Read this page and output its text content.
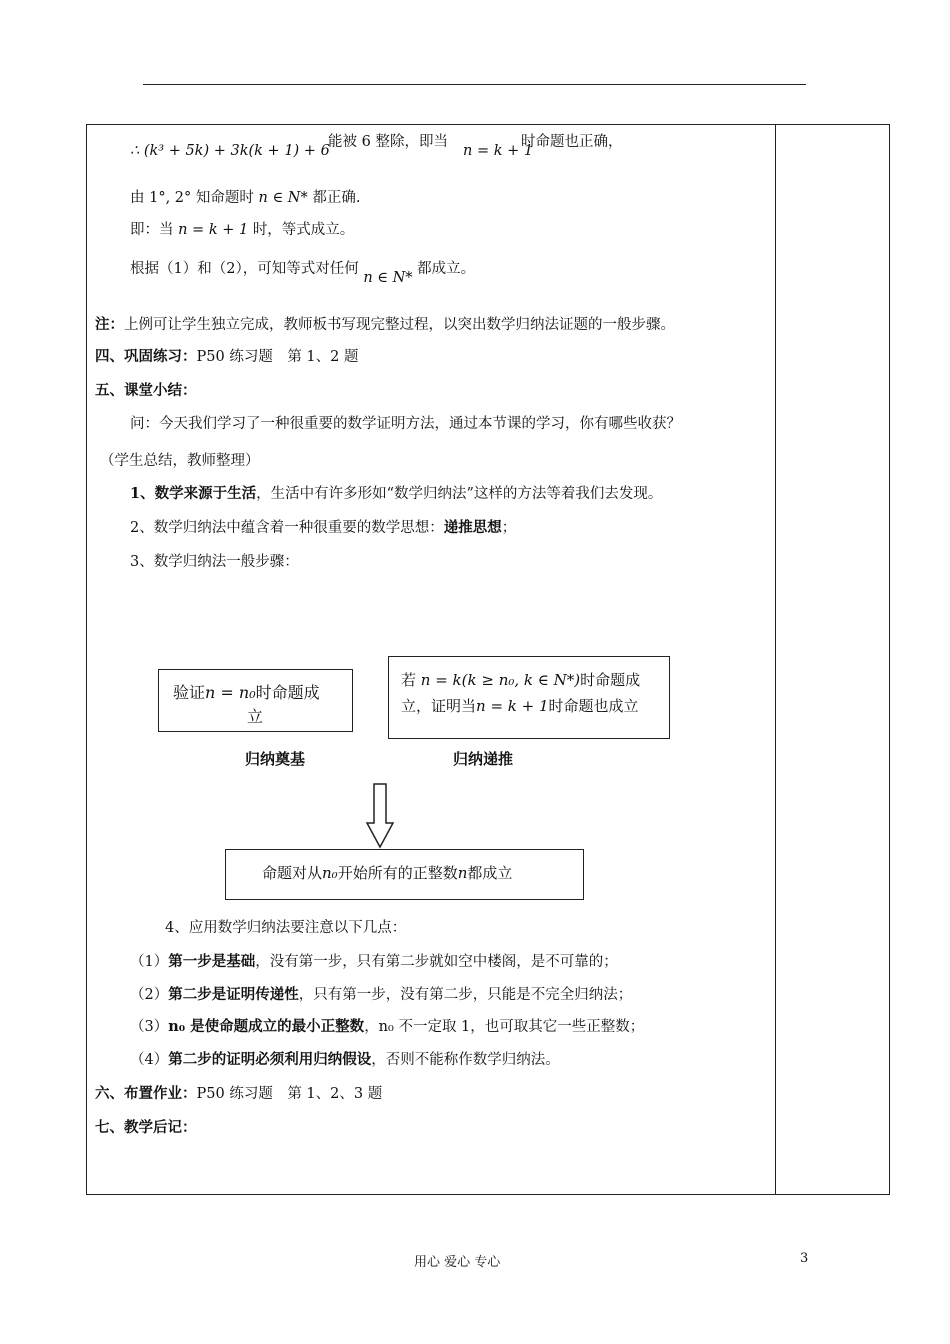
∴ (k³ + 5k) + 3k(k + 1) + 6
能被 6 整除，即当
n = k + 1
时命题也正确，
由 1°, 2° 知命题时 n ∈ N* 都正确.
即：当 n = k + 1 时，等式成立。
根据（1）和（2），可知等式对任何 n ∈ N* 都成立。
注：上例可让学生独立完成，教师板书写现完整过程，以突出数学归纳法证题的一般步骤。
四、巩固练习：P50 练习题　第 1、2 题
五、课堂小结：
问：今天我们学习了一种很重要的数学证明方法，通过本节课的学习，你有哪些收获？
（学生总结，教师整理）
1、数学来源于生活，生活中有许多形如“数学归纳法”这样的方法等着我们去发现。
2、数学归纳法中蕴含着一种很重要的数学思想：递推思想；
3、数学归纳法一般步骤：
验证n = n₀时命题成
立
若 n = k(k ≥ n₀, k ∈ N*)时命题成
立，证明当n = k + 1时命题也成立
归纳奠基	归纳递推
命题对从n₀开始所有的正整数n都成立
4、应用数学归纳法要注意以下几点：
（1）第一步是基础，没有第一步，只有第二步就如空中楼阁，是不可靠的；
（2）第二步是证明传递性，只有第一步，没有第二步，只能是不完全归纳法；
（3）n₀ 是使命题成立的最小正整数，n₀ 不一定取 1，也可取其它一些正整数；
（4）第二步的证明必须利用归纳假设，否则不能称作数学归纳法。
六、布置作业：P50 练习题　第 1、2、3 题
七、教学后记：
用心 爱心 专心	3
